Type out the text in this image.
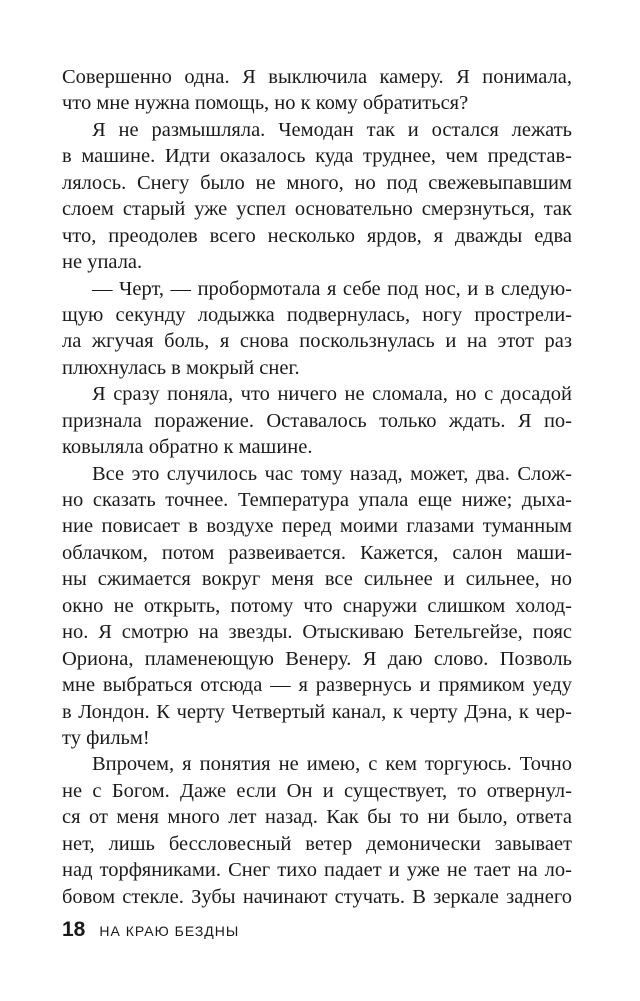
Совершенно одна. Я выключила камеру. Я понимала,
что мне нужна помощь, но к кому обратиться?
Я не размышляла. Чемодан так и остался лежать
в машине. Идти оказалось куда труднее, чем представ-
лялось. Снегу было не много, но под свежевыпавшим
слоем старый уже успел основательно смерзнуться, так
что, преодолев всего несколько ярдов, я дважды едва
не упала.
— Черт, — пробормотала я себе под нос, и в следую-
щую секунду лодыжка подвернулась, ногу прострели-
ла жгучая боль, я снова поскользнулась и на этот раз
плюхнулась в мокрый снег.
Я сразу поняла, что ничего не сломала, но с досадой
признала поражение. Оставалось только ждать. Я по-
ковыляла обратно к машине.
Все это случилось час тому назад, может, два. Слож-
но сказать точнее. Температура упала еще ниже; дыха-
ние повисает в воздухе перед моими глазами туманным
облачком, потом развеивается. Кажется, салон маши-
ны сжимается вокруг меня все сильнее и сильнее, но
окно не открыть, потому что снаружи слишком холод-
но. Я смотрю на звезды. Отыскиваю Бетельгейзе, пояс
Ориона, пламенеющую Венеру. Я даю слово. Позволь
мне выбраться отсюда — я развернусь и прямиком уеду
в Лондон. К черту Четвертый канал, к черту Дэна, к чер-
ту фильм!
Впрочем, я понятия не имею, с кем торгуюсь. Точно
не с Богом. Даже если Он и существует, то отвернул-
ся от меня много лет назад. Как бы то ни было, ответа
нет, лишь бессловесный ветер демонически завывает
над торфяниками. Снег тихо падает и уже не тает на ло-
бовом стекле. Зубы начинают стучать. В зеркале заднего
18 НА КРАЮ БЕЗДНЫ
